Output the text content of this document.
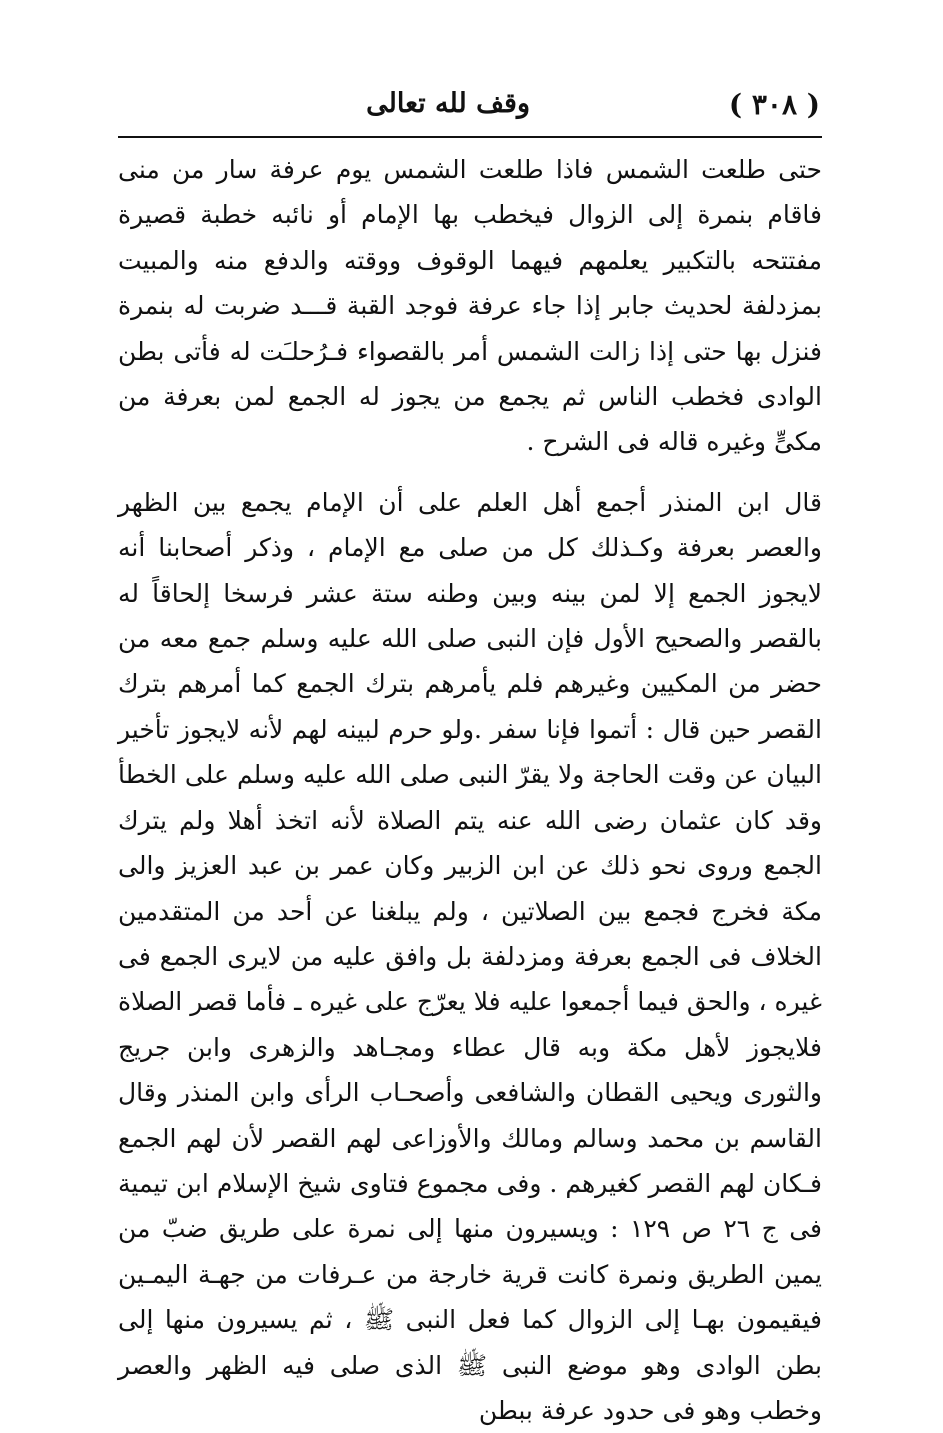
( ٣٠٨ )
وقف لله تعالى

حتى طلعت الشمس فاذا طلعت الشمس يوم عرفة سار من منى فاقام بنمرة إلى الزوال فيخطب بها الإمام أو نائبه خطبة قصيرة مفتتحه بالتكبير يعلمهم فيهما الوقوف ووقته والدفع منه والمبيت بمزدلفة لحديث جابر إذا جاء عرفة فوجد القبة قـــد ضربت له بنمرة فنزل بها حتى إذا زالت الشمس أمر بالقصواء فـرُحلـَت له فأتى بطن الوادى فخطب الناس ثم يجمع من يجوز له الجمع لمن بعرفة من مكىٍّ وغيره قاله فى الشرح .

قال ابن المنذر أجمع أهل العلم على أن الإمام يجمع بين الظهر والعصر بعرفة وكـذلك كل من صلى مع الإمام ، وذكر أصحابنا أنه لايجوز الجمع إلا لمن بينه وبين وطنه ستة عشر فرسخا إلحاقاً له بالقصر والصحيح الأول فإن النبى صلى الله عليه وسلم جمع معه من حضر من المكيين وغيرهم فلم يأمرهم بترك الجمع كما أمرهم بترك القصر حين قال : أتموا فإنا سفر .ولو حرم لبينه لهم لأنه لايجوز تأخير البيان عن وقت الحاجة ولا يقرّ النبى صلى الله عليه وسلم على الخطأ وقد كان عثمان رضى الله عنه يتم الصلاة لأنه اتخذ أهلا ولم يترك الجمع وروى نحو ذلك عن ابن الزبير وكان عمر بن عبد العزيز والى مكة فخرج فجمع بين الصلاتين ، ولم يبلغنا عن أحد من المتقدمين الخلاف فى الجمع بعرفة ومزدلفة بل وافق عليه من لايرى الجمع فى غيره ، والحق فيما أجمعوا عليه فلا يعرّج على غيره ـ فأما قصر الصلاة فلايجوز لأهل مكة وبه قال عطاء ومجـاهد والزهرى وابن جريج والثورى ويحيى القطان والشافعى وأصحـاب الرأى وابن المنذر وقال القاسم بن محمد وسالم ومالك والأوزاعى لهم القصر لأن لهم الجمع فـكان لهم القصر كغيرهم . وفى مجموع فتاوى شيخ الإسلام ابن تيمية فى ج ٢٦ ص ١٢٩ : ويسيرون منها إلى نمرة على طريق ضبّ من يمين الطريق ونمرة كانت قرية خارجة من عـرفات من جهـة اليمـين فيقيمون بهـا إلى الزوال كما فعل النبى ﷺ ، ثم يسيرون منها إلى بطن الوادى وهو موضع النبى ﷺ الذى صلى فيه الظهر والعصر وخطب وهو فى حدود عرفة ببطن
